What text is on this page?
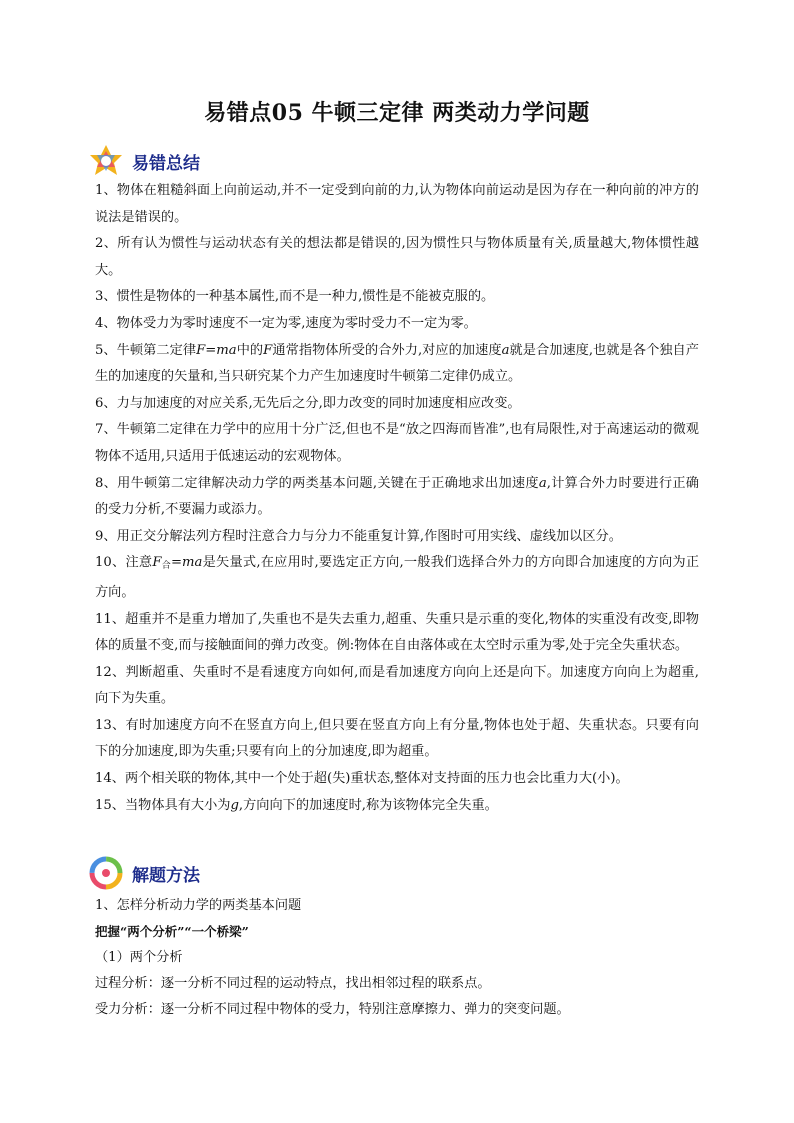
易错点05 牛顿三定律 两类动力学问题
易错总结

1、物体在粗糙斜面上向前运动,并不一定受到向前的力,认为物体向前运动是因为存在一种向前的冲方的说法是错误的。

2、所有认为惯性与运动状态有关的想法都是错误的,因为惯性只与物体质量有关,质量越大,物体惯性越大。

3、惯性是物体的一种基本属性,而不是一种力,惯性是不能被克服的。

4、物体受力为零时速度不一定为零,速度为零时受力不一定为零。

5、牛顿第二定律F=ma中的F通常指物体所受的合外力,对应的加速度a就是合加速度,也就是各个独自产生的加速度的矢量和,当只研究某个力产生加速度时牛顿第二定律仍成立。

6、力与加速度的对应关系,无先后之分,即力改变的同时加速度相应改变。

7、牛顿第二定律在力学中的应用十分广泛,但也不是“放之四海而皆准”,也有局限性,对于高速运动的微观物体不适用,只适用于低速运动的宏观物体。

8、用牛顿第二定律解决动力学的两类基本问题,关键在于正确地求出加速度a,计算合外力时要进行正确的受力分析,不要漏力或添力。

9、用正交分解法列方程时注意合力与分力不能重复计算,作图时可用实线、虚线加以区分。

10、注意$F_合=ma$是矢量式,在应用时,要选定正方向,一般我们选择合外力的方向即合加速度的方向为正方向。

11、超重并不是重力增加了,失重也不是失去重力,超重、失重只是示重的变化,物体的实重没有改变,即物体的质量不变,而与接触面间的弹力改变。例:物体在自由落体或在太空时示重为零,处于完全失重状态。

12、判断超重、失重时不是看速度方向如何,而是看加速度方向向上还是向下。加速度方向向上为超重,向下为失重。

13、有时加速度方向不在竖直方向上,但只要在竖直方向上有分量,物体也处于超、失重状态。只要有向下的分加速度,即为失重;只要有向上的分加速度,即为超重。

14、两个相关联的物体,其中一个处于超(失)重状态,整体对支持面的压力也会比重力大(小)。

15、当物体具有大小为g,方向向下的加速度时,称为该物体完全失重。

解题方法
1、怎样分析动力学的两类基本问题
把握“两个分析”“一个桥梁”
（1）两个分析
过程分析：逐一分析不同过程的运动特点，找出相邻过程的联系点。
受力分析：逐一分析不同过程中物体的受力，特别注意摩擦力、弹力的突变问题。
